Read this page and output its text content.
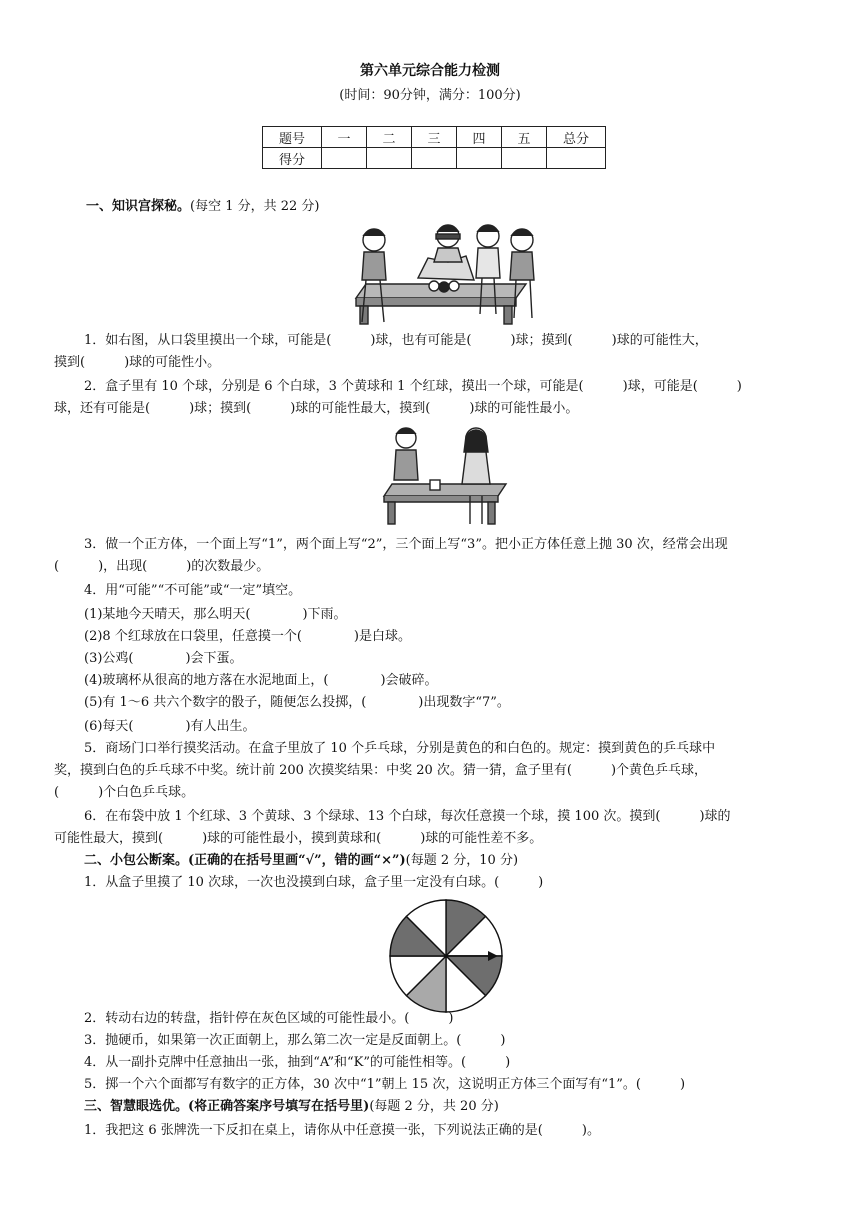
第六单元综合能力检测
(时间：90分钟，满分：100分)
题号	一	二	三	四	五	总分
得分						
一、知识宫探秘。(每空 1 分，共 22 分)
1．如右图，从口袋里摸出一个球，可能是(　　　)球，也有可能是(　　　)球；摸到(　　　)球的可能性大，
摸到(　　　)球的可能性小。
2．盒子里有 10 个球，分别是 6 个白球，3 个黄球和 1 个红球，摸出一个球，可能是(　　　)球，可能是(　　　)
球，还有可能是(　　　)球；摸到(　　　)球的可能性最大，摸到(　　　)球的可能性最小。
3．做一个正方体，一个面上写“1”，两个面上写“2”，三个面上写“3”。把小正方体任意上抛 30 次，经常会出现
(　　　)，出现(　　　)的次数最少。
4．用“可能”“不可能”或“一定”填空。
(1)某地今天晴天，那么明天(　　　　)下雨。
(2)8 个红球放在口袋里，任意摸一个(　　　　)是白球。
(3)公鸡(　　　　)会下蛋。
(4)玻璃杯从很高的地方落在水泥地面上，(　　　　)会破碎。
(5)有 1～6 共六个数字的骰子，随便怎么投掷，(　　　　)出现数字“7”。
(6)每天(　　　　)有人出生。
5．商场门口举行摸奖活动。在盒子里放了 10 个乒乓球，分别是黄色的和白色的。规定：摸到黄色的乒乓球中
奖，摸到白色的乒乓球不中奖。统计前 200 次摸奖结果：中奖 20 次。猜一猜，盒子里有(　　　)个黄色乒乓球，
(　　　)个白色乒乓球。
6．在布袋中放 1 个红球、3 个黄球、3 个绿球、13 个白球，每次任意摸一个球，摸 100 次。摸到(　　　)球的
可能性最大，摸到(　　　)球的可能性最小，摸到黄球和(　　　)球的可能性差不多。
二、小包公断案。(正确的在括号里画“√”，错的画“×”)(每题 2 分，10 分)
1．从盒子里摸了 10 次球，一次也没摸到白球，盒子里一定没有白球。(　　　)
2．转动右边的转盘，指针停在灰色区域的可能性最小。(　　　)
3．抛硬币，如果第一次正面朝上，那么第二次一定是反面朝上。(　　　)
4．从一副扑克牌中任意抽出一张，抽到“A”和“K”的可能性相等。(　　　)
5．掷一个六个面都写有数字的正方体，30 次中“1”朝上 15 次，这说明正方体三个面写有“1”。(　　　)
三、智慧眼选优。(将正确答案序号填写在括号里)(每题 2 分，共 20 分)
1．我把这 6 张牌洗一下反扣在桌上，请你从中任意摸一张，下列说法正确的是(　　　)。
